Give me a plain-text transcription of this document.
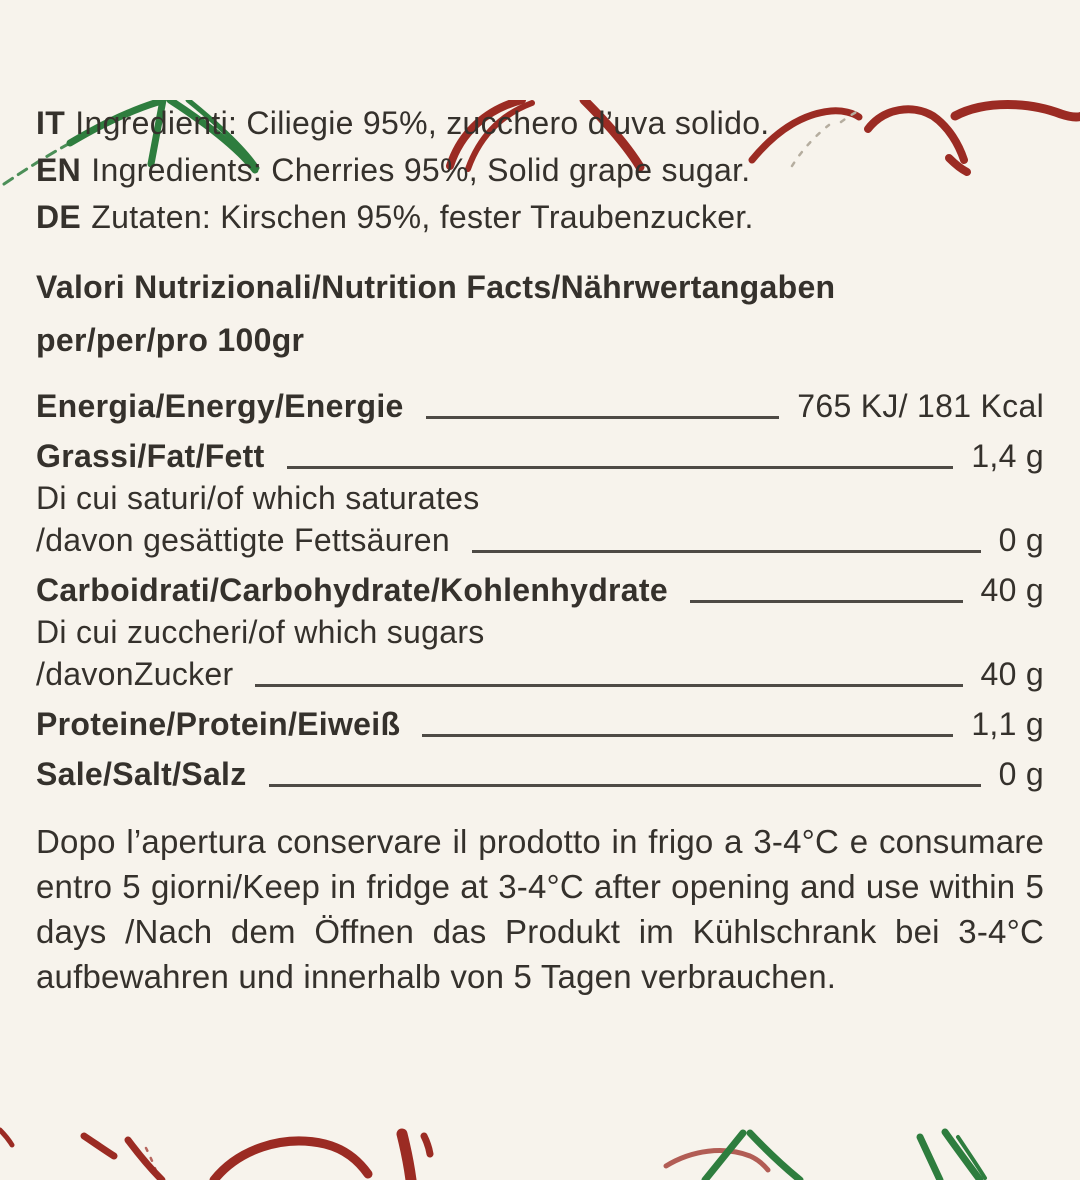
IT Ingredienti: Ciliegie 95%, zucchero d’uva solido.

EN Ingredients: Cherries 95%, Solid grape sugar.

DE Zutaten: Kirschen 95%, fester Traubenzucker.

Valori Nutrizionali/Nutrition Facts/Nährwertangaben
per/per/pro 100gr
Energia/Energy/Energie	765 KJ/ 181 Kcal
Grassi/Fat/Fett	1,4 g
Di cui saturi/of which saturates
/davon gesättigte Fettsäuren	0 g
Carboidrati/Carbohydrate/Kohlenhydrate	40 g
Di cui zuccheri/of which sugars
/davonZucker	40 g
Proteine/Protein/Eiweiß	1,1 g
Sale/Salt/Salz	0 g

Dopo l’apertura conservare il prodotto in frigo a 3-4°C e consumare entro 5 giorni/Keep in fridge at 3-4°C after opening and use within 5 days /Nach dem Öffnen das Produkt im Kühlschrank bei 3-4°C aufbewahren und innerhalb von 5 Tagen verbrauchen.
